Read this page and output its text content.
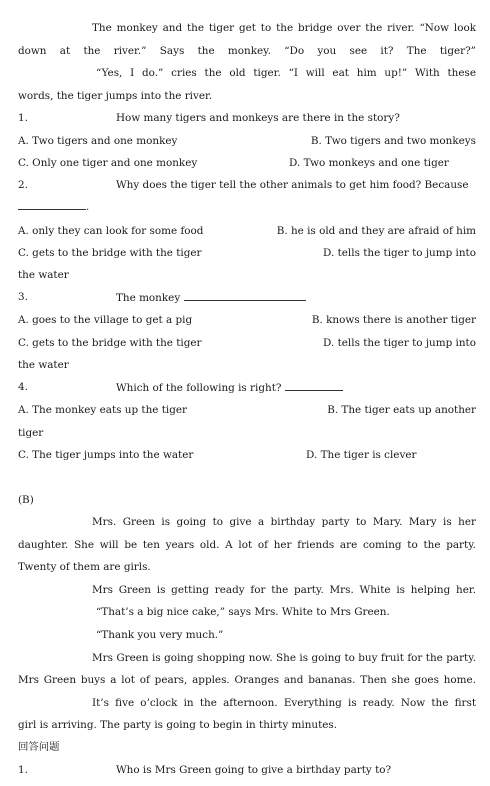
The monkey and the tiger get to the bridge over the river. “Now look
down at the river.” Says the monkey. “Do you see it? The tiger?”
“Yes, I do.” cries the old tiger. “I will eat him up!” With these
words, the tiger jumps into the river.
1.	How many tigers and monkeys are there in the story?
A. Two tigers and one monkey	B. Two tigers and two monkeys
C. Only one tiger and one monkey	D. Two monkeys and one tiger
2.	Why does the tiger tell the other animals to get him food? Because
.
A. only they can look for some food	B. he is old and they are afraid of him
C. gets to the bridge with the tiger	D. tells the tiger to jump into
the water
3.	The monkey
A. goes to the village to get a pig	B. knows there is another tiger
C. gets to the bridge with the tiger	D. tells the tiger to jump into
the water
4.	Which of the following is right?
A. The monkey eats up the tiger	B. The tiger eats up another
tiger
C. The tiger jumps into the water	D. The tiger is clever
(B)
Mrs. Green is going to give a birthday party to Mary. Mary is her
daughter. She will be ten years old. A lot of her friends are coming to the party.
Twenty of them are girls.
Mrs Green is getting ready for the party. Mrs. White is helping her.
“That’s a big nice cake,” says Mrs. White to Mrs Green.
“Thank you very much.”
Mrs Green is going shopping now. She is going to buy fruit for the party.
Mrs Green buys a lot of pears, apples. Oranges and bananas. Then she goes home.
It’s five o’clock in the afternoon. Everything is ready. Now the first
girl is arriving. The party is going to begin in thirty minutes.
回答问题
1.	Who is Mrs Green going to give a birthday party to?
